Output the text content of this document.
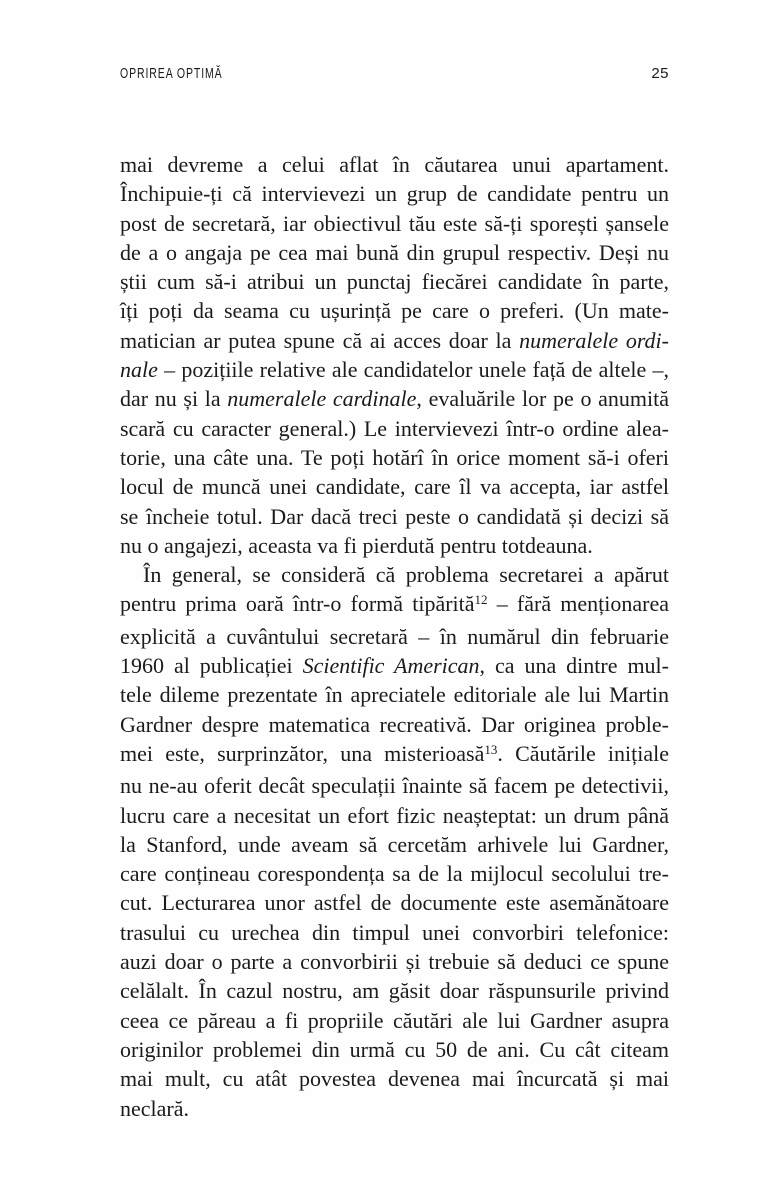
OPRIREA OPTIMĂ	25
mai devreme a celui aflat în căutarea unui apartament.
Închipuie-ți că intervievezi un grup de candidate pentru un
post de secretară, iar obiectivul tău este să-ți sporești șansele
de a o angaja pe cea mai bună din grupul respectiv. Deși nu
știi cum să-i atribui un punctaj fiecărei candidate în parte,
îți poți da seama cu ușurință pe care o preferi. (Un mate-
matician ar putea spune că ai acces doar la numeralele ordi-
nale – pozițiile relative ale candidatelor unele față de altele –,
dar nu și la numeralele cardinale, evaluările lor pe o anumită
scară cu caracter general.) Le intervievezi într-o ordine alea-
torie, una câte una. Te poți hotărî în orice moment să-i oferi
locul de muncă unei candidate, care îl va accepta, iar astfel
se încheie totul. Dar dacă treci peste o candidată și decizi să
nu o angajezi, aceasta va fi pierdută pentru totdeauna.
În general, se consideră că problema secretarei a apărut
pentru prima oară într-o formă tipărită$^{12}$ – fără menționarea
explicită a cuvântului secretară – în numărul din februarie
1960 al publicației Scientific American, ca una dintre mul-
tele dileme prezentate în apreciatele editoriale ale lui Martin
Gardner despre matematica recreativă. Dar originea proble-
mei este, surprinzător, una misterioasă$^{13}$. Căutările inițiale
nu ne-au oferit decât speculații înainte să facem pe detectivii,
lucru care a necesitat un efort fizic neașteptat: un drum până
la Stanford, unde aveam să cercetăm arhivele lui Gardner,
care conțineau corespondența sa de la mijlocul secolului tre-
cut. Lecturarea unor astfel de documente este asemănătoare
trasului cu urechea din timpul unei convorbiri telefonice:
auzi doar o parte a convorbirii și trebuie să deduci ce spune
celălalt. În cazul nostru, am găsit doar răspunsurile privind
ceea ce păreau a fi propriile căutări ale lui Gardner asupra
originilor problemei din urmă cu 50 de ani. Cu cât citeam
mai mult, cu atât povestea devenea mai încurcată și mai
neclară.
